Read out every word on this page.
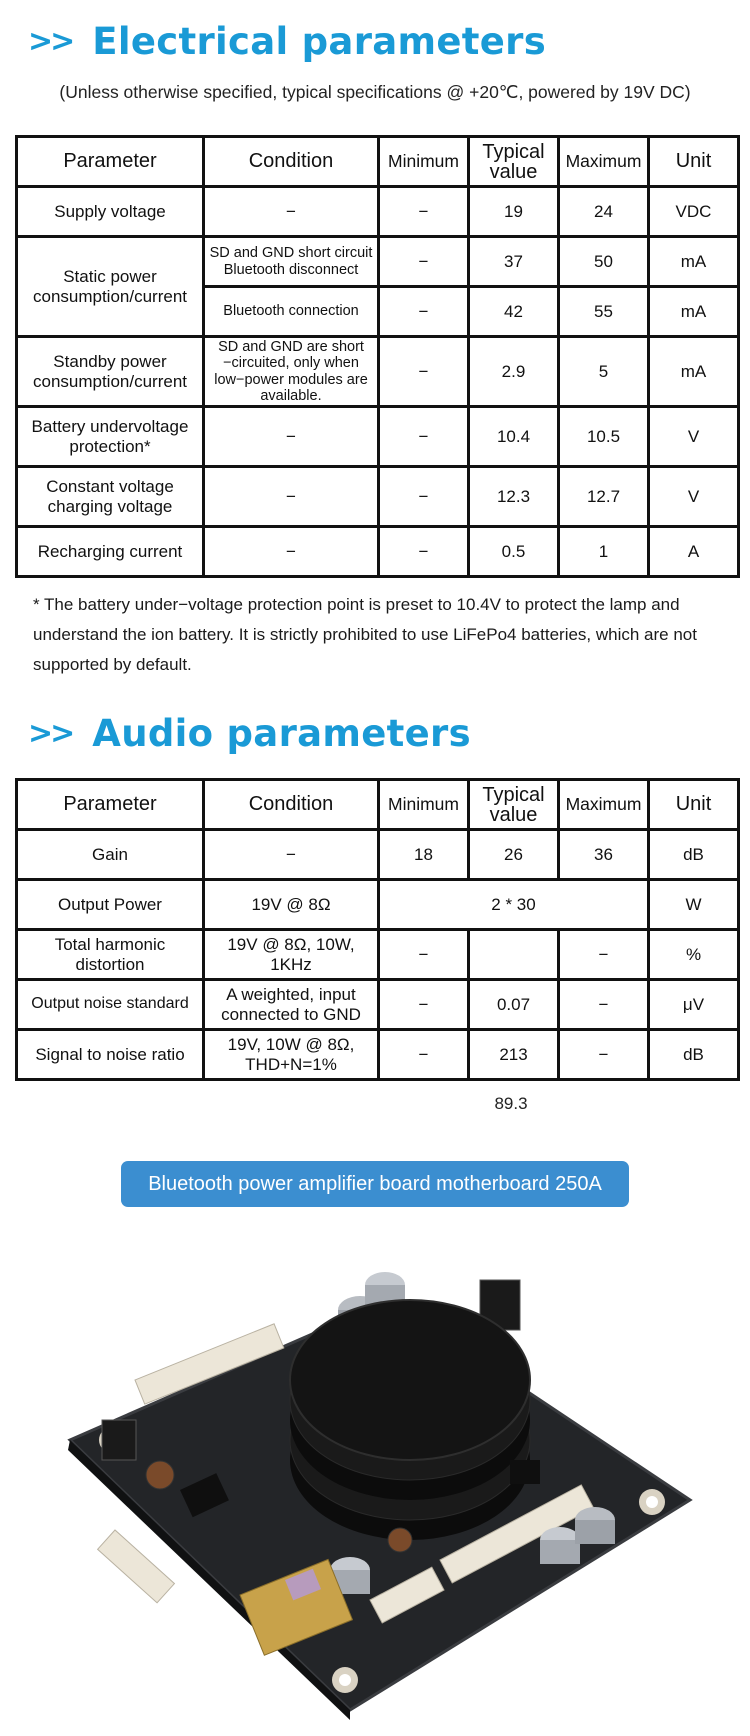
>> Electrical parameters
(Unless otherwise specified, typical specifications @ +20℃, powered by 19V DC)
Parameter	Condition	Minimum	Typical value	Maximum	Unit
Supply voltage	−	−	19	24	VDC
Static power consumption/current	SD and GND short circuit Bluetooth disconnect	−	37	50	mA
	Bluetooth connection	−	42	55	mA
Standby power consumption/current	SD and GND are short −circuited, only when low−power modules are available.	−	2.9	5	mA
Battery undervoltage protection*	−	−	10.4	10.5	V
Constant voltage charging voltage	−	−	12.3	12.7	V
Recharging current	−	−	0.5	1	A
* The battery under−voltage protection point is preset to 10.4V to protect the lamp and understand the ion battery. It is strictly prohibited to use LiFePo4 batteries, which are not supported by default.
>> Audio parameters
Parameter	Condition	Minimum	Typical value	Maximum	Unit
Gain	−	18	26	36	dB
Output Power	19V @ 8Ω	2 * 30			W
Total harmonic distortion	19V @ 8Ω, 10W, 1KHz	−		−	%
Output noise standard	A weighted, input connected to GND	−	0.07	−	μV
Signal to noise ratio	19V, 10W @ 8Ω, THD+N=1%	−	213	−	dB
89.3
Bluetooth power amplifier board motherboard 250A
